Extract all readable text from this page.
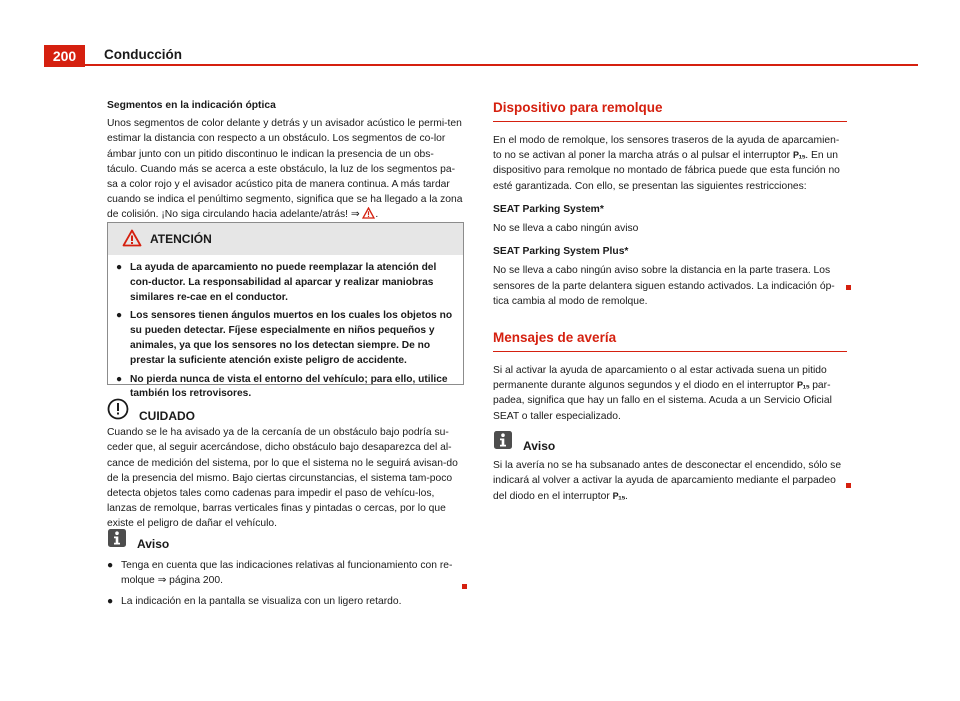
200	Conducción

Segmentos en la indicación óptica

Unos segmentos de color delante y detrás y un avisador acústico le permi-ten estimar la distancia con respecto a un obstáculo. Los segmentos de co-lor ámbar junto con un pitido discontinuo le indican la presencia de un obs-táculo. Cuando más se acerca a este obstáculo, la luz de los segmentos pa-sa a color rojo y el avisador acústico pita de manera continua. A más tardar cuando se indica el penúltimo segmento, significa que se ha llegado a la zona de colisión. ¡No siga circulando hacia adelante/atrás! ⇒ .

ATENCIÓN
● La ayuda de aparcamiento no puede reemplazar la atención del con-ductor. La responsabilidad al aparcar y realizar maniobras similares re-cae en el conductor.
● Los sensores tienen ángulos muertos en los cuales los objetos no su pueden detectar. Fíjese especialmente en niños pequeños y animales, ya que los sensores no los detectan siempre. De no prestar la suficiente atención existe peligro de accidente.
● No pierda nunca de vista el entorno del vehículo; para ello, utilice también los retrovisores.
CUIDADO

Cuando se le ha avisado ya de la cercanía de un obstáculo bajo podría su-ceder que, al seguir acercándose, dicho obstáculo bajo desaparezca del al-cance de medición del sistema, por lo que el sistema no le seguirá avisan-do de la presencia del mismo. Bajo ciertas circunstancias, el sistema tam-poco detecta objetos tales como cadenas para impedir el paso de vehícu-los, lanzas de remolque, barras verticales finas y pintadas o cercas, por lo que existe el peligro de dañar el vehículo.

Aviso
● Tenga en cuenta que las indicaciones relativas al funcionamiento con re-molque ⇒ página 200.
● La indicación en la pantalla se visualiza con un ligero retardo.
Dispositivo para remolque

En el modo de remolque, los sensores traseros de la ayuda de aparcamien-to no se activan al poner la marcha atrás o al pulsar el interruptor P₁₅. En un dispositivo para remolque no montado de fábrica puede que esta función no esté garantizada. Con ello, se presentan las siguientes restricciones:

SEAT Parking System*

No se lleva a cabo ningún aviso

SEAT Parking System Plus*

No se lleva a cabo ningún aviso sobre la distancia en la parte trasera. Los sensores de la parte delantera siguen estando activados. La indicación óp-tica cambia al modo de remolque.

Mensajes de avería

Si al activar la ayuda de aparcamiento o al estar activada suena un pitido permanente durante algunos segundos y el diodo en el interruptor P₁₅ par-padea, significa que hay un fallo en el sistema. Acuda a un Servicio Oficial SEAT o taller especializado.

Aviso

Si la avería no se ha subsanado antes de desconectar el encendido, sólo se indicará al volver a activar la ayuda de aparcamiento mediante el parpadeo del diodo en el interruptor P₁₅.
